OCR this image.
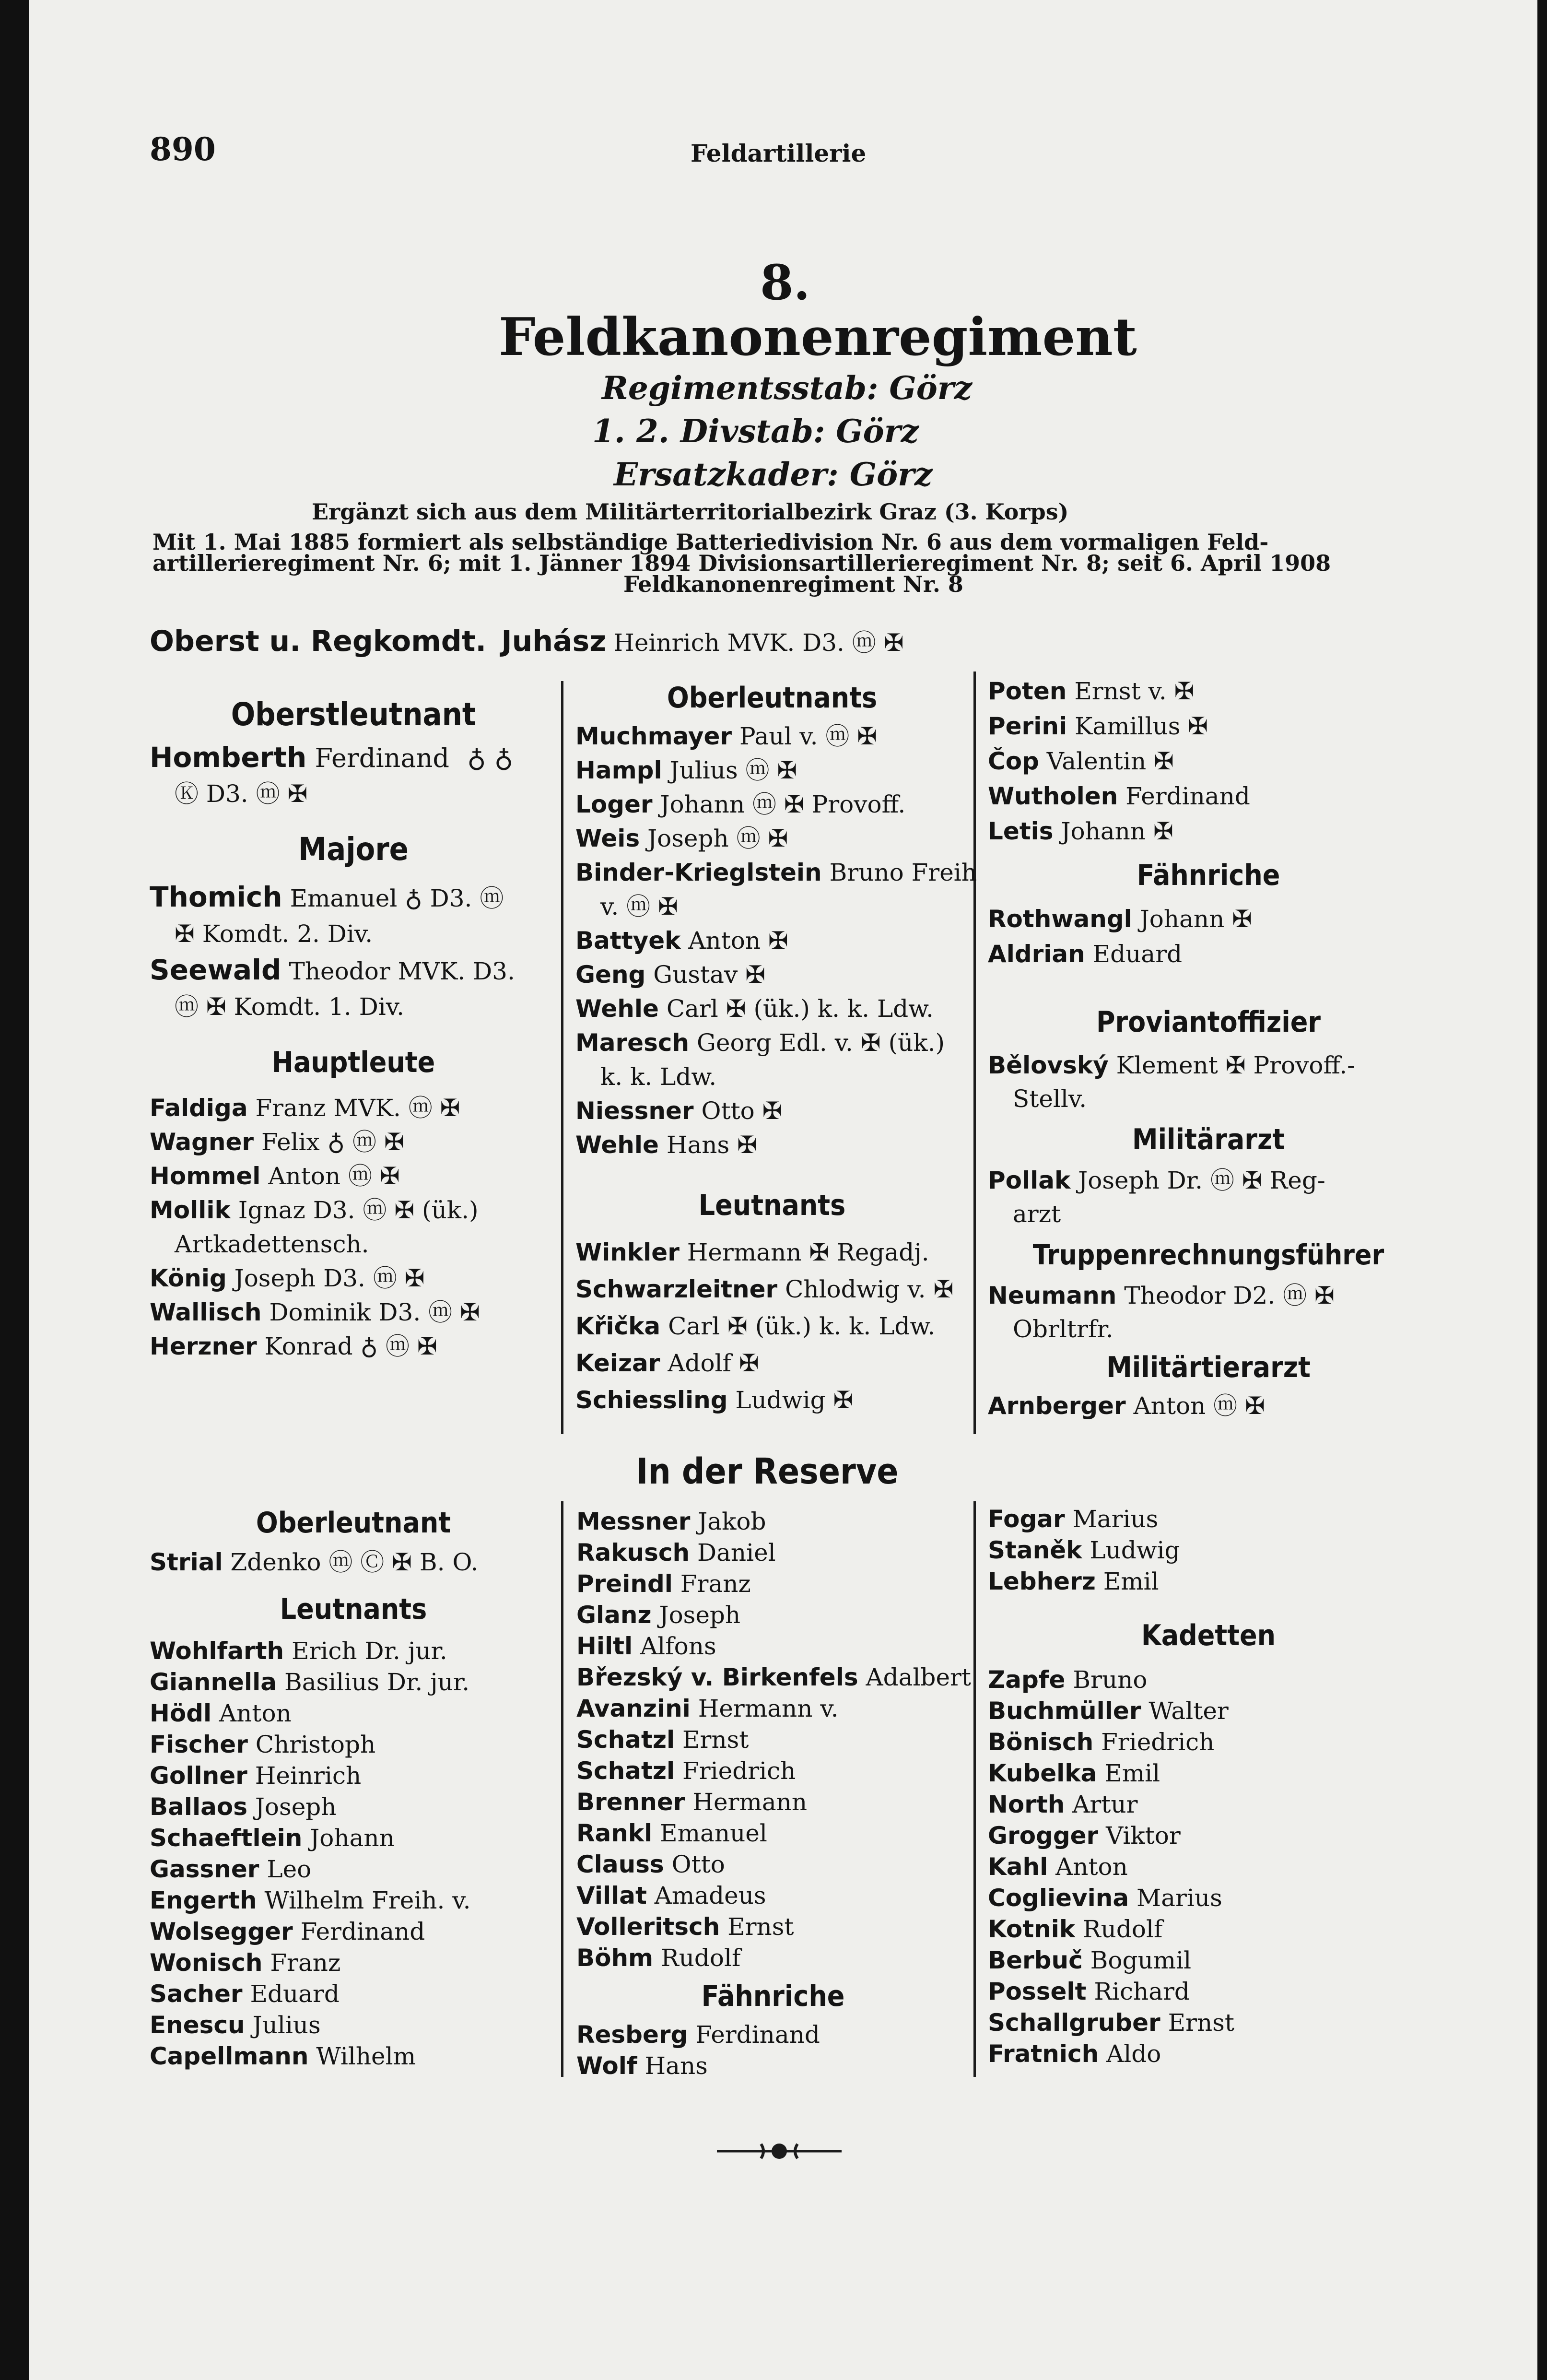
890	Feldartillerie
8.
Feldkanonenregiment
Regimentsstab: Görz
1. 2. Divstab: Görz
Ersatzkader: Görz
Ergänzt sich aus dem Militärterritorialbezirk Graz (3. Korps)
Mit 1. Mai 1885 formiert als selbständige Batteriedivision Nr. 6 aus dem vormaligen Feld-
artillerieregiment Nr. 6; mit 1. Jänner 1894 Divisionsartillerieregiment Nr. 8; seit 6. April 1908
Feldkanonenregiment Nr. 8
Oberst u. Regkomdt. Juhász Heinrich MVK. D3. ⓜ ✠
Oberstleutnant
Homberth Ferdinand ♁ ♁
Ⓚ D3. ⓜ ✠
Majore
Thomich Emanuel ♁ D3. ⓜ
✠ Komdt. 2. Div.
Seewald Theodor MVK. D3.
ⓜ ✠ Komdt. 1. Div.
Hauptleute
Faldiga Franz MVK. ⓜ ✠
Wagner Felix ♁ ⓜ ✠
Hommel Anton ⓜ ✠
Mollik Ignaz D3. ⓜ ✠ (ük.)
Artkadettensch.
König Joseph D3. ⓜ ✠
Wallisch Dominik D3. ⓜ ✠
Herzner Konrad ♁ ⓜ ✠
Oberleutnants
Muchmayer Paul v. ⓜ ✠
Hampl Julius ⓜ ✠
Loger Johann ⓜ ✠ Provoff.
Weis Joseph ⓜ ✠
Binder-Krieglstein Bruno Freih
v. ⓜ ✠
Battyek Anton ✠
Geng Gustav ✠
Wehle Carl ✠ (ük.) k. k. Ldw.
Maresch Georg Edl. v. ✠ (ük.)
k. k. Ldw.
Niessner Otto ✠
Wehle Hans ✠
Leutnants
Winkler Hermann ✠ Regadj.
Schwarzleitner Chlodwig v. ✠
Křička Carl ✠ (ük.) k. k. Ldw.
Keizar Adolf ✠
Schiessling Ludwig ✠
Poten Ernst v. ✠
Perini Kamillus ✠
Čop Valentin ✠
Wutholen Ferdinand
Letis Johann ✠
Fähnriche
Rothwangl Johann ✠
Aldrian Eduard
Proviantoffizier
Bělovský Klement ✠ Provoff.-
Stellv.
Militärarzt
Pollak Joseph Dr. ⓜ ✠ Reg-
arzt
Truppenrechnungsführer
Neumann Theodor D2. ⓜ ✠
Obrltrfr.
Militärtierarzt
Arnberger Anton ⓜ ✠
In der Reserve
Oberleutnant
Strial Zdenko ⓜ Ⓒ ✠ B. O.
Leutnants
Wohlfarth Erich Dr. jur.
Giannella Basilius Dr. jur.
Hödl Anton
Fischer Christoph
Gollner Heinrich
Ballaos Joseph
Schaeftlein Johann
Gassner Leo
Engerth Wilhelm Freih. v.
Wolsegger Ferdinand
Wonisch Franz
Sacher Eduard
Enescu Julius
Capellmann Wilhelm
Messner Jakob
Rakusch Daniel
Preindl Franz
Glanz Joseph
Hiltl Alfons
Březský v. Birkenfels Adalbert
Avanzini Hermann v.
Schatzl Ernst
Schatzl Friedrich
Brenner Hermann
Rankl Emanuel
Clauss Otto
Villat Amadeus
Volleritsch Ernst
Böhm Rudolf
Fähnriche
Resberg Ferdinand
Wolf Hans
Fogar Marius
Staněk Ludwig
Lebherz Emil
Kadetten
Zapfe Bruno
Buchmüller Walter
Bönisch Friedrich
Kubelka Emil
North Artur
Grogger Viktor
Kahl Anton
Coglievina Marius
Kotnik Rudolf
Berbuč Bogumil
Posselt Richard
Schallgruber Ernst
Fratnich Aldo
